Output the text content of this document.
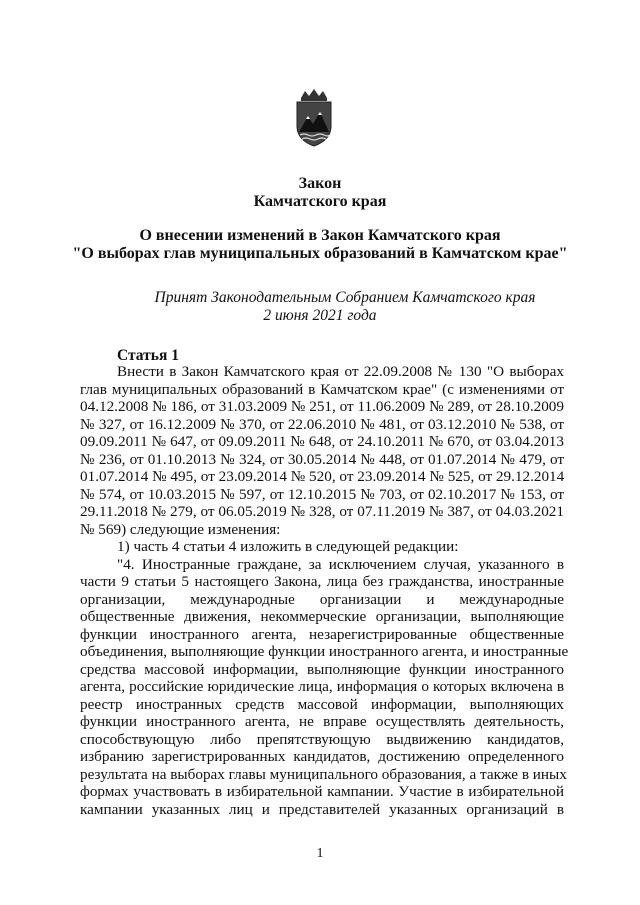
Закон
Камчатского края
О внесении изменений в Закон Камчатского края
"О выборах глав муниципальных образований в Камчатском крае"
Принят Законодательным Собранием Камчатского края
2 июня 2021 года
Статья 1
Внести в Закон Камчатского края от 22.09.2008 № 130 "О выборах
глав муниципальных образований в Камчатском крае" (с изменениями от
04.12.2008 № 186, от 31.03.2009 № 251, от 11.06.2009 № 289, от 28.10.2009
№ 327, от 16.12.2009 № 370, от 22.06.2010 № 481, от 03.12.2010 № 538, от
09.09.2011 № 647, от 09.09.2011 № 648, от 24.10.2011 № 670, от 03.04.2013
№ 236, от 01.10.2013 № 324, от 30.05.2014 № 448, от 01.07.2014 № 479, от
01.07.2014 № 495, от 23.09.2014 № 520, от 23.09.2014 № 525, от 29.12.2014
№ 574, от 10.03.2015 № 597, от 12.10.2015 № 703, от 02.10.2017 № 153, от
29.11.2018 № 279, от 06.05.2019 № 328, от 07.11.2019 № 387, от 04.03.2021
№ 569) следующие изменения:
1) часть 4 статьи 4 изложить в следующей редакции:
"4. Иностранные граждане, за исключением случая, указанного в
части 9 статьи 5 настоящего Закона, лица без гражданства, иностранные
организации, международные организации и международные
общественные движения, некоммерческие организации, выполняющие
функции иностранного агента, незарегистрированные общественные
объединения, выполняющие функции иностранного агента, и иностранные
средства массовой информации, выполняющие функции иностранного
агента, российские юридические лица, информация о которых включена в
реестр иностранных средств массовой информации, выполняющих
функции иностранного агента, не вправе осуществлять деятельность,
способствующую либо препятствующую выдвижению кандидатов,
избранию зарегистрированных кандидатов, достижению определенного
результата на выборах главы муниципального образования, а также в иных
формах участвовать в избирательной кампании. Участие в избирательной
кампании указанных лиц и представителей указанных организаций в
1
